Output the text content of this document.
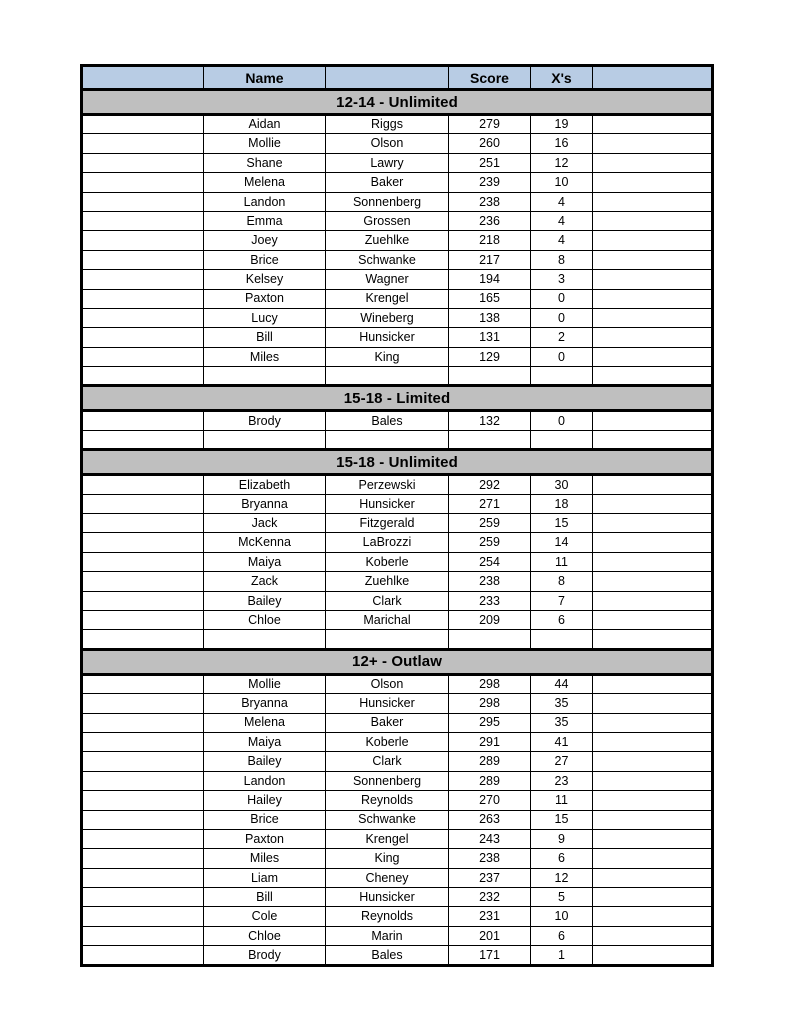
	Name		Score	X's	
12-14 - Unlimited					
	Aidan	Riggs	279	19	
	Mollie	Olson	260	16	
	Shane	Lawry	251	12	
	Melena	Baker	239	10	
	Landon	Sonnenberg	238	4	
	Emma	Grossen	236	4	
	Joey	Zuehlke	218	4	
	Brice	Schwanke	217	8	
	Kelsey	Wagner	194	3	
	Paxton	Krengel	165	0	
	Lucy	Wineberg	138	0	
	Bill	Hunsicker	131	2	
	Miles	King	129	0	

15-18 - Limited					
	Brody	Bales	132	0	

15-18 - Unlimited					
	Elizabeth	Perzewski	292	30	
	Bryanna	Hunsicker	271	18	
	Jack	Fitzgerald	259	15	
	McKenna	LaBrozzi	259	14	
	Maiya	Koberle	254	11	
	Zack	Zuehlke	238	8	
	Bailey	Clark	233	7	
	Chloe	Marichal	209	6	

12+ - Outlaw					
	Mollie	Olson	298	44	
	Bryanna	Hunsicker	298	35	
	Melena	Baker	295	35	
	Maiya	Koberle	291	41	
	Bailey	Clark	289	27	
	Landon	Sonnenberg	289	23	
	Hailey	Reynolds	270	11	
	Brice	Schwanke	263	15	
	Paxton	Krengel	243	9	
	Miles	King	238	6	
	Liam	Cheney	237	12	
	Bill	Hunsicker	232	5	
	Cole	Reynolds	231	10	
	Chloe	Marin	201	6	
	Brody	Bales	171	1	
